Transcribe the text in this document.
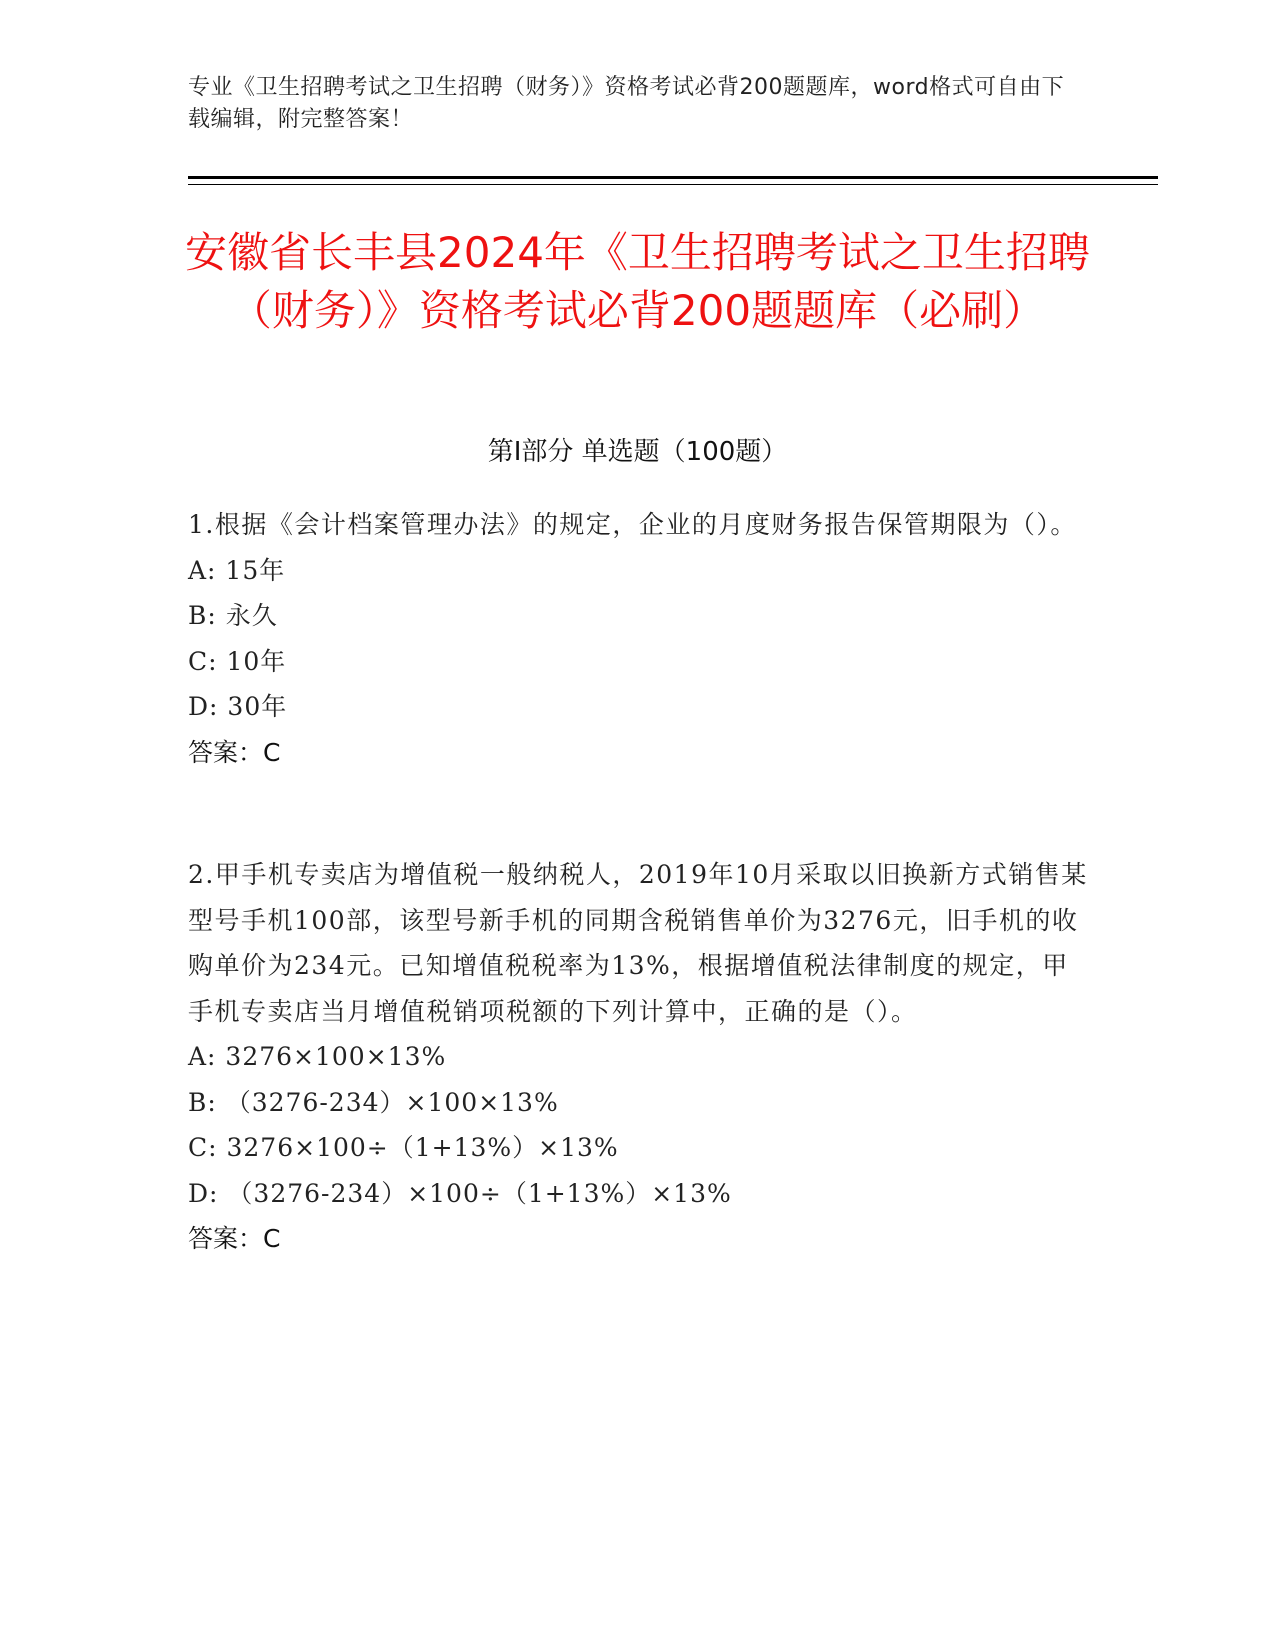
专业《卫生招聘考试之卫生招聘（财务）》资格考试必背200题题库，word格式可自由下载编辑，附完整答案！
安徽省长丰县2024年《卫生招聘考试之卫生招聘（财务）》资格考试必背200题题库（必刷）
第Ⅰ部分 单选题（100题）
1.根据《会计档案管理办法》的规定，企业的月度财务报告保管期限为（）。
A: 15年
B: 永久
C: 10年
D: 30年
答案：C
2.甲手机专卖店为增值税一般纳税人，2019年10月采取以旧换新方式销售某型号手机100部，该型号新手机的同期含税销售单价为3276元，旧手机的收购单价为234元。已知增值税税率为13%，根据增值税法律制度的规定，甲手机专卖店当月增值税销项税额的下列计算中，正确的是（）。
A: 3276×100×13%
B: （3276-234）×100×13%
C: 3276×100÷（1+13%）×13%
D: （3276-234）×100÷（1+13%）×13%
答案：C
